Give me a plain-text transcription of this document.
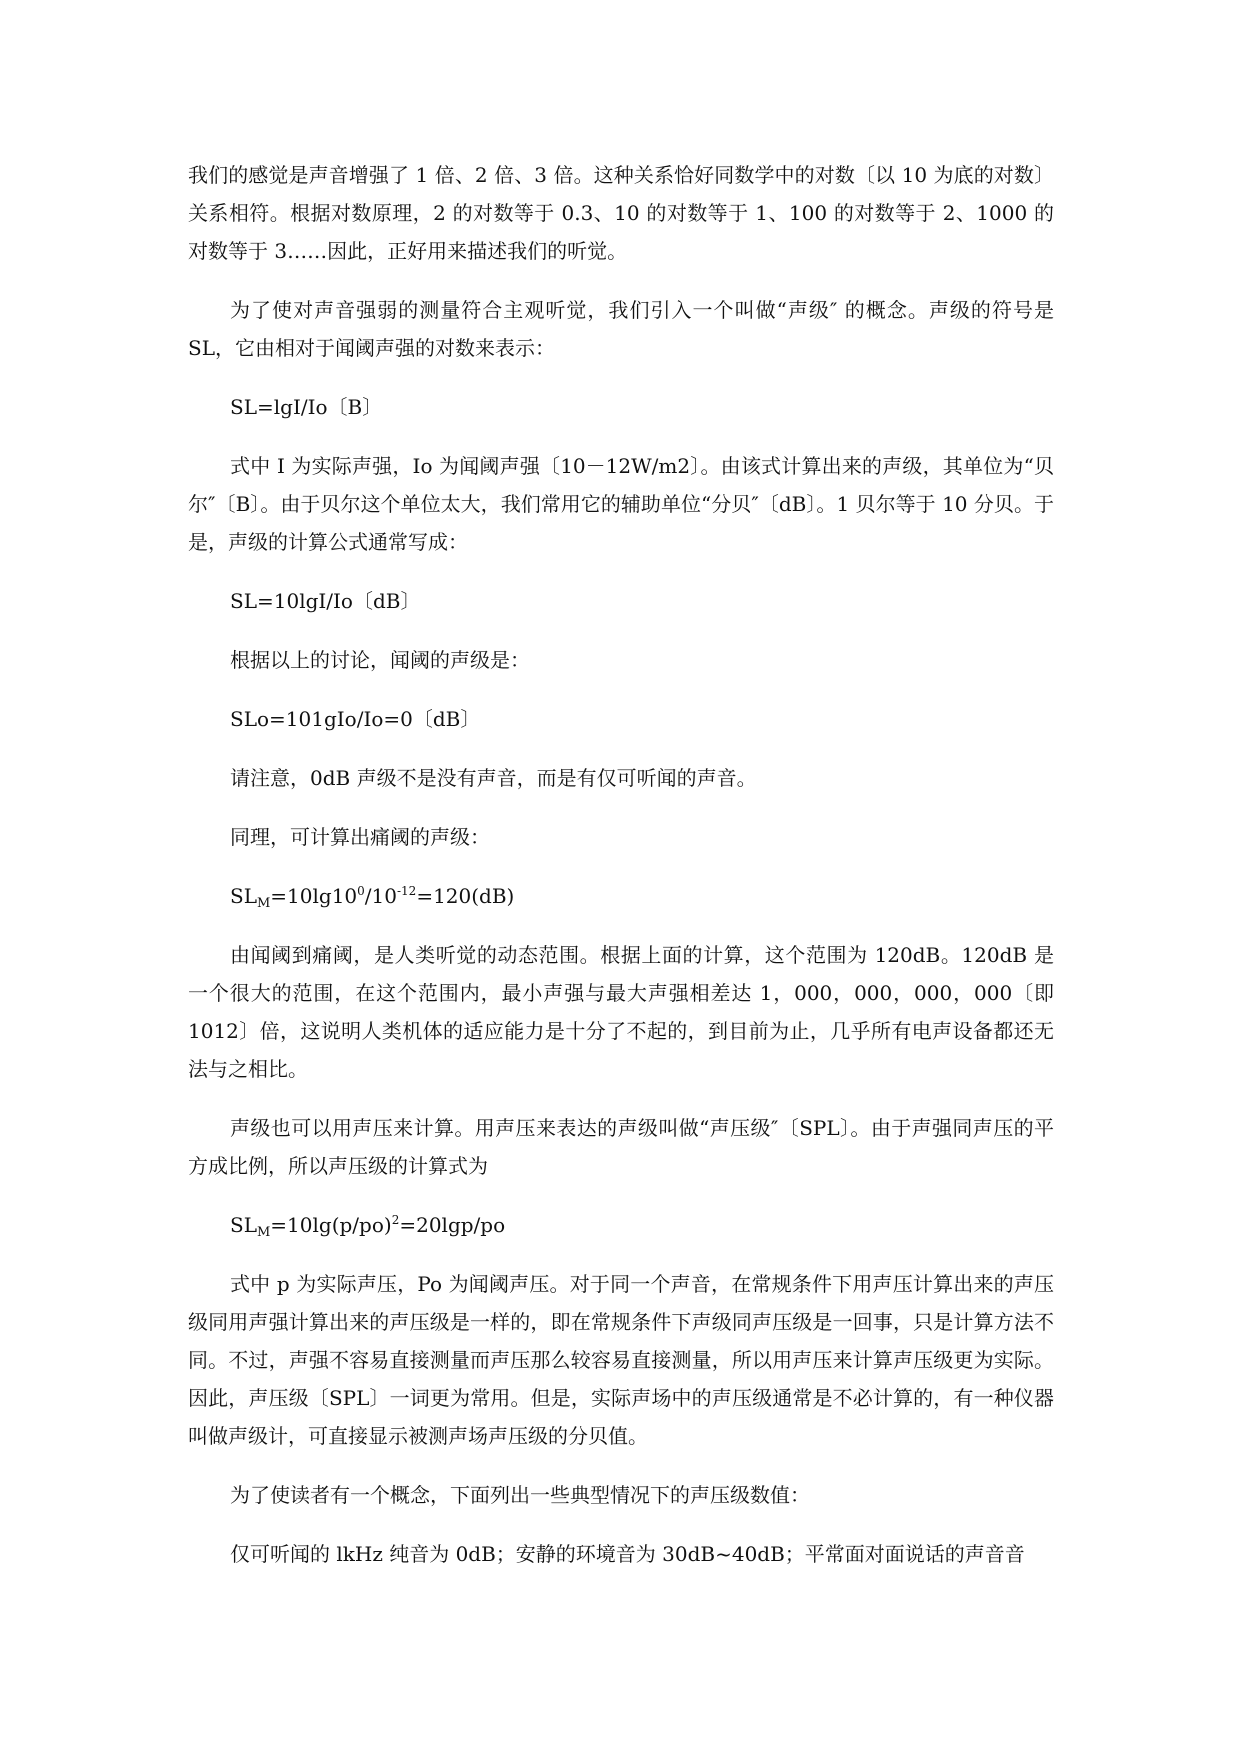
我们的感觉是声音增强了 1 倍、2 倍、3 倍。这种关系恰好同数学中的对数〔以 10 为底的对数〕关系相符。根据对数原理，2 的对数等于 0.3、10 的对数等于 1、100 的对数等于 2、1000 的对数等于 3……因此，正好用来描述我们的听觉。

为了使对声音强弱的测量符合主观听觉，我们引入一个叫做“声级″ 的概念。声级的符号是 SL，它由相对于闻阈声强的对数来表示：

SL=lgI/Io〔B〕

式中 I 为实际声强，Io 为闻阈声强〔10－12W/m2〕。由该式计算出来的声级，其单位为“贝尔″〔B〕。由于贝尔这个单位太大，我们常用它的辅助单位“分贝″〔dB〕。1 贝尔等于 10 分贝。于是，声级的计算公式通常写成：

SL=10lgI/Io〔dB〕

根据以上的讨论，闻阈的声级是：

SLo=101gIo/Io=0〔dB〕

请注意，0dB 声级不是没有声音，而是有仅可听闻的声音。

同理，可计算出痛阈的声级：

$SL_M=10\lg 10^0/10^{-12}=120(dB)$

由闻阈到痛阈，是人类听觉的动态范围。根据上面的计算，这个范围为 120dB。120dB 是一个很大的范围，在这个范围内，最小声强与最大声强相差达 1，000，000，000，000〔即 1012〕倍，这说明人类机体的适应能力是十分了不起的，到目前为止，几乎所有电声设备都还无法与之相比。

声级也可以用声压来计算。用声压来表达的声级叫做“声压级″〔SPL〕。由于声强同声压的平方成比例，所以声压级的计算式为

$SL_M=10\lg(p/po)^2=20\lg p/po$

式中 p 为实际声压，Po 为闻阈声压。对于同一个声音，在常规条件下用声压计算出来的声压级同用声强计算出来的声压级是一样的，即在常规条件下声级同声压级是一回事，只是计算方法不同。不过，声强不容易直接测量而声压那么较容易直接测量，所以用声压来计算声压级更为实际。因此，声压级〔SPL〕一词更为常用。但是，实际声场中的声压级通常是不必计算的，有一种仪器叫做声级计，可直接显示被测声场声压级的分贝值。

为了使读者有一个概念，下面列出一些典型情况下的声压级数值：

仅可听闻的 lkHz 纯音为 0dB；安静的环境音为 30dB~40dB；平常面对面说话的声音音
